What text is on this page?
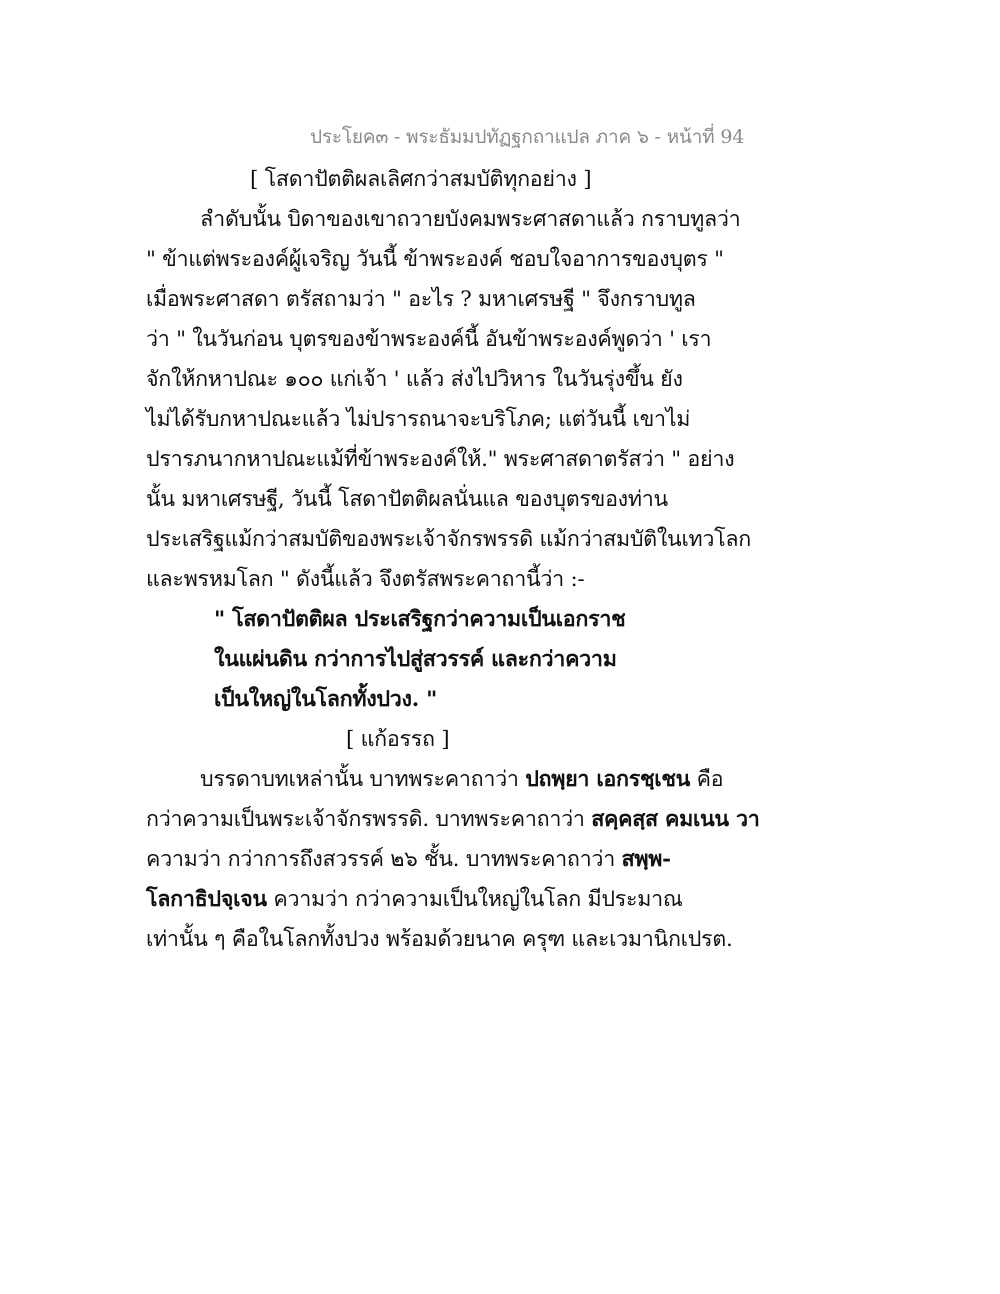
ประโยค๓ - พระธัมมปทัฏฐกถาแปล ภาค ๖ - หน้าที่ 94
[ โสดาปัตติผลเลิศกว่าสมบัติทุกอย่าง ]
ลำดับนั้น บิดาของเขาถวายบังคมพระศาสดาแล้ว กราบทูลว่า
" ข้าแต่พระองค์ผู้เจริญ วันนี้ ข้าพระองค์ ชอบใจอาการของบุตร "
เมื่อพระศาสดา ตรัสถามว่า " อะไร ? มหาเศรษฐี " จึงกราบทูล
ว่า " ในวันก่อน บุตรของข้าพระองค์นี้ อันข้าพระองค์พูดว่า ' เรา
จักให้กหาปณะ ๑๐๐ แก่เจ้า ' แล้ว ส่งไปวิหาร ในวันรุ่งขึ้น ยัง
ไม่ได้รับกหาปณะแล้ว ไม่ปรารถนาจะบริโภค; แต่วันนี้ เขาไม่
ปรารภนากหาปณะแม้ที่ข้าพระองค์ให้." พระศาสดาตรัสว่า " อย่าง
นั้น มหาเศรษฐี, วันนี้ โสดาปัตติผลนั่นแล ของบุตรของท่าน
ประเสริฐแม้กว่าสมบัติของพระเจ้าจักรพรรดิ แม้กว่าสมบัติในเทวโลก
และพรหมโลก " ดังนี้แล้ว จึงตรัสพระคาถานี้ว่า :-
" โสดาปัตติผล ประเสริฐกว่าความเป็นเอกราช
ในแผ่นดิน กว่าการไปสู่สวรรค์ และกว่าความ
เป็นใหญ่ในโลกทั้งปวง. "
[ แก้อรรถ ]
บรรดาบทเหล่านั้น บาทพระคาถาว่า ปถพฺยา เอกรชฺเชน คือ
กว่าความเป็นพระเจ้าจักรพรรดิ. บาทพระคาถาว่า สคฺคสฺส คมเนน วา
ความว่า กว่าการถึงสวรรค์ ๒๖ ชั้น. บาทพระคาถาว่า สพฺพ-
โลกาธิปจฺเจน ความว่า กว่าความเป็นใหญ่ในโลก มีประมาณ
เท่านั้น ๆ คือในโลกทั้งปวง พร้อมด้วยนาค ครุฑ และเวมานิกเปรต.
